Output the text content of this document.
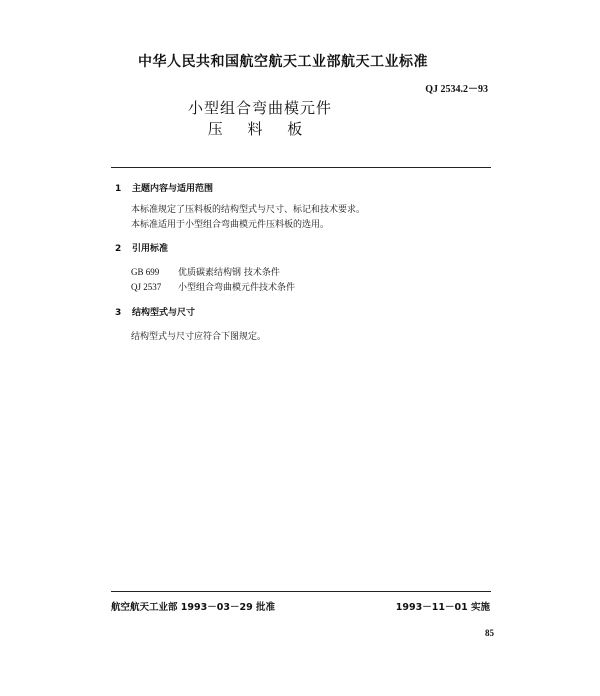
中华人民共和国航空航天工业部航天工业标准
QJ 2534.2－93
小型组合弯曲模元件
压 料 板
1 主题内容与适用范围
本标准规定了压料板的结构型式与尺寸、标记和技术要求。
本标准适用于小型组合弯曲模元件压料板的选用。
2 引用标准
GB 699 优质碳素结构钢 技术条件
QJ 2537 小型组合弯曲模元件技术条件
3 结构型式与尺寸
结构型式与尺寸应符合下图规定。
航空航天工业部 1993－03－29 批准	1993－11－01 实施
85
